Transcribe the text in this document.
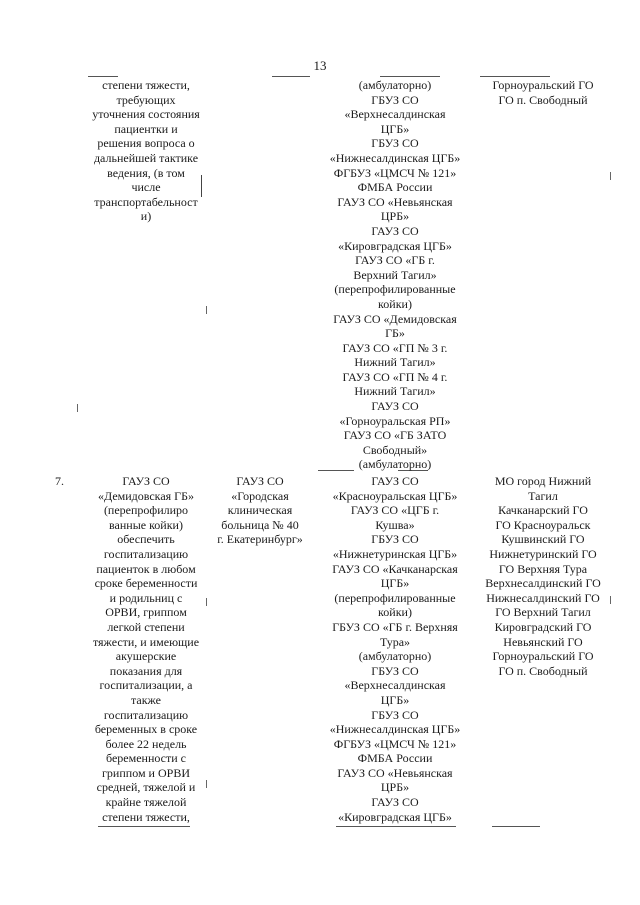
13
степени тяжести,
требующих
уточнения состояния
пациентки и
решения вопроса о
дальнейшей тактике
ведения, (в том
числе
транспортабельност
и)
(амбулаторно)
ГБУЗ СО
«Верхнесалдинская
ЦГБ»
ГБУЗ СО
«Нижнесалдинская ЦГБ»
ФГБУЗ «ЦМСЧ № 121»
ФМБА России
ГАУЗ СО «Невьянская
ЦРБ»
ГАУЗ СО
«Кировградская ЦГБ»
ГАУЗ СО «ГБ г.
Верхний Тагил»
(перепрофилированные
койки)
ГАУЗ СО «Демидовская
ГБ»
ГАУЗ СО «ГП № 3 г.
Нижний Тагил»
ГАУЗ СО «ГП № 4 г.
Нижний Тагил»
ГАУЗ СО
«Горноуральская РП»
ГАУЗ СО «ГБ ЗАТО
Свободный»
(амбулаторно)
Горноуральский ГО
ГО п. Свободный
7.	ГАУЗ СО
«Демидовская ГБ»
(перепрофилиро
ванные койки)
обеспечить
госпитализацию
пациенток в любом
сроке беременности
и родильниц с
ОРВИ, гриппом
легкой степени
тяжести, и имеющие
акушерские
показания для
госпитализации, а
также
госпитализацию
беременных в сроке
более 22 недель
беременности с
гриппом и ОРВИ
средней, тяжелой и
крайне тяжелой
степени тяжести,
ГАУЗ СО
«Городская
клиническая
больница № 40
г. Екатеринбург»
ГАУЗ СО
«Красноуральская ЦГБ»
ГАУЗ СО «ЦГБ г.
Кушва»
ГБУЗ СО
«Нижнетуринская ЦГБ»
ГАУЗ СО «Качканарская
ЦГБ»
(перепрофилированные
койки)
ГБУЗ СО «ГБ г. Верхняя
Тура»
(амбулаторно)
ГБУЗ СО
«Верхнесалдинская
ЦГБ»
ГБУЗ СО
«Нижнесалдинская ЦГБ»
ФГБУЗ «ЦМСЧ № 121»
ФМБА России
ГАУЗ СО «Невьянская
ЦРБ»
ГАУЗ СО
«Кировградская ЦГБ»
МО город Нижний
Тагил
Качканарский ГО
ГО Красноуральск
Кушвинский ГО
Нижнетуринский ГО
ГО Верхняя Тура
Верхнесалдинский ГО
Нижнесалдинский ГО
ГО Верхний Тагил
Кировградский ГО
Невьянский ГО
Горноуральский ГО
ГО п. Свободный
